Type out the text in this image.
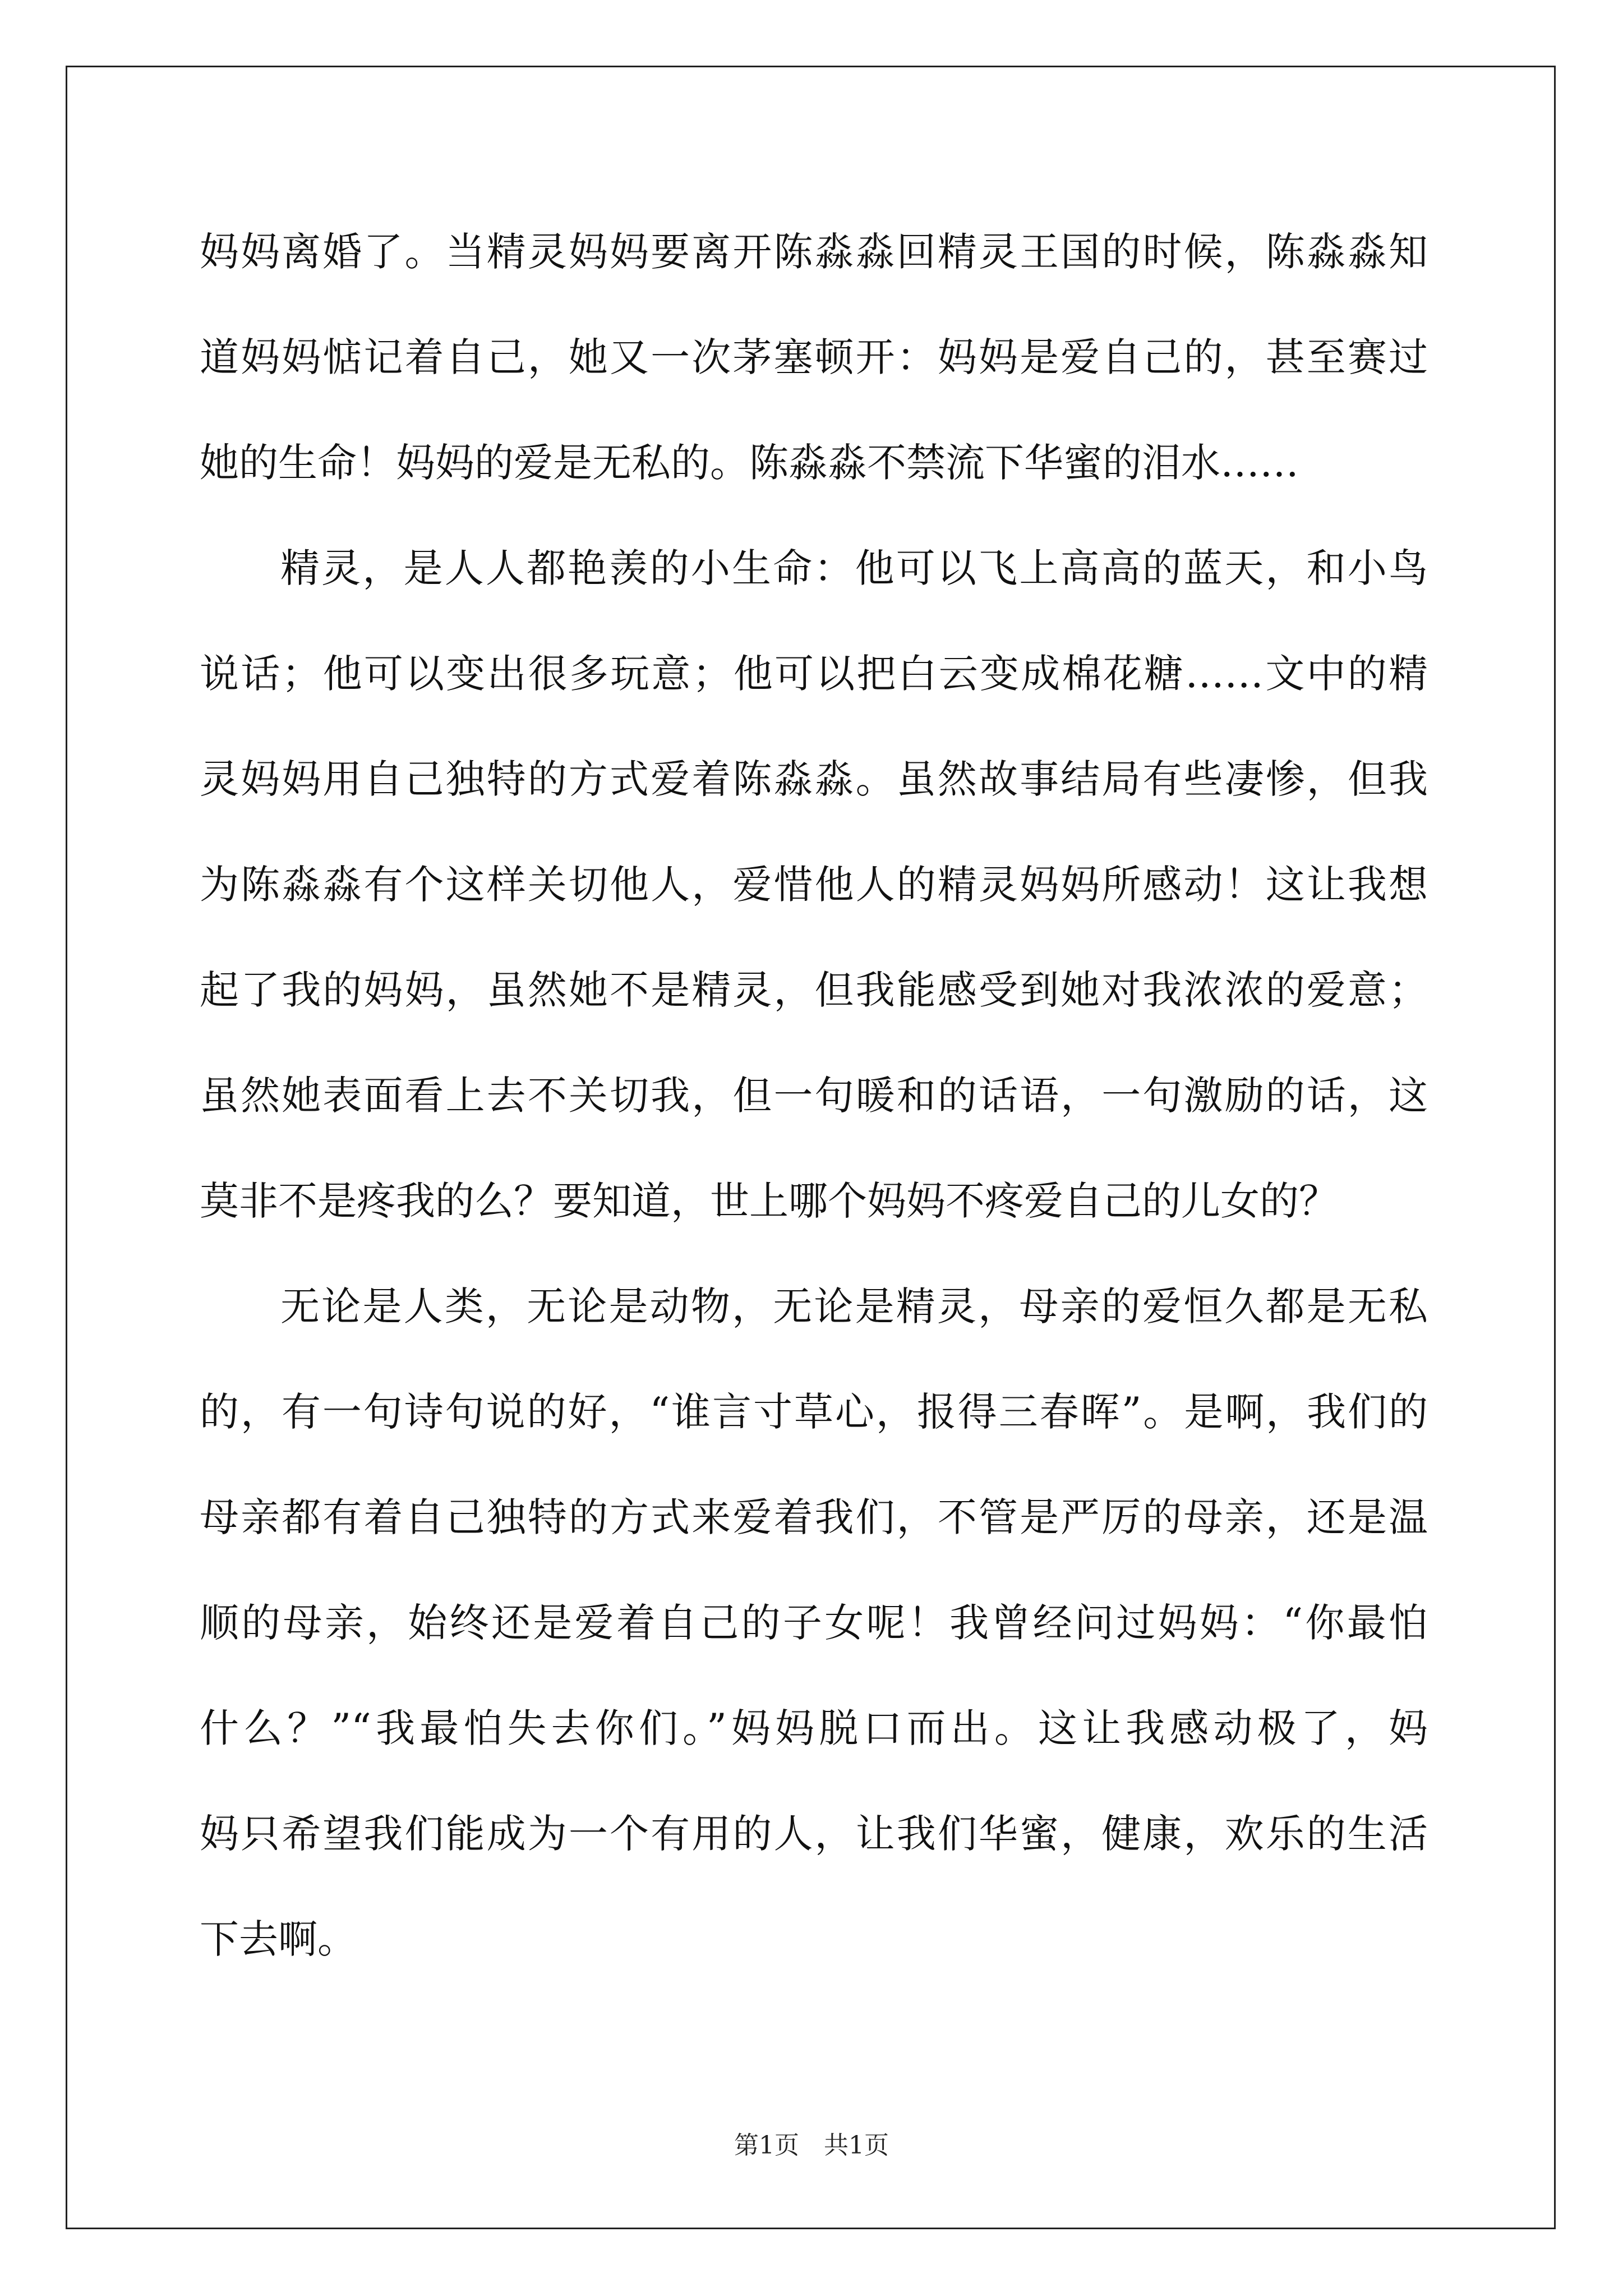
妈妈离婚了。当精灵妈妈要离开陈淼淼回精灵王国的时候，陈淼淼知
道妈妈惦记着自己，她又一次茅塞顿开：妈妈是爱自己的，甚至赛过
她的生命！妈妈的爱是无私的。陈淼淼不禁流下华蜜的泪水……
精灵，是人人都艳羡的小生命：他可以飞上高高的蓝天，和小鸟
说话；他可以变出很多玩意；他可以把白云变成棉花糖……文中的精
灵妈妈用自己独特的方式爱着陈淼淼。虽然故事结局有些凄惨，但我
为陈淼淼有个这样关切他人，爱惜他人的精灵妈妈所感动！这让我想
起了我的妈妈，虽然她不是精灵，但我能感受到她对我浓浓的爱意；
虽然她表面看上去不关切我，但一句暖和的话语，一句激励的话，这
莫非不是疼我的么？要知道，世上哪个妈妈不疼爱自己的儿女的？
无论是人类，无论是动物，无论是精灵，母亲的爱恒久都是无私
的，有一句诗句说的好，“谁言寸草心，报得三春晖”。是啊，我们的
母亲都有着自己独特的方式来爱着我们，不管是严厉的母亲，还是温
顺的母亲，始终还是爱着自己的子女呢！我曾经问过妈妈：“你最怕
什么？”“我最怕失去你们。”妈妈脱口而出。这让我感动极了，妈
妈只希望我们能成为一个有用的人，让我们华蜜，健康，欢乐的生活
下去啊。
第1页　共1页
